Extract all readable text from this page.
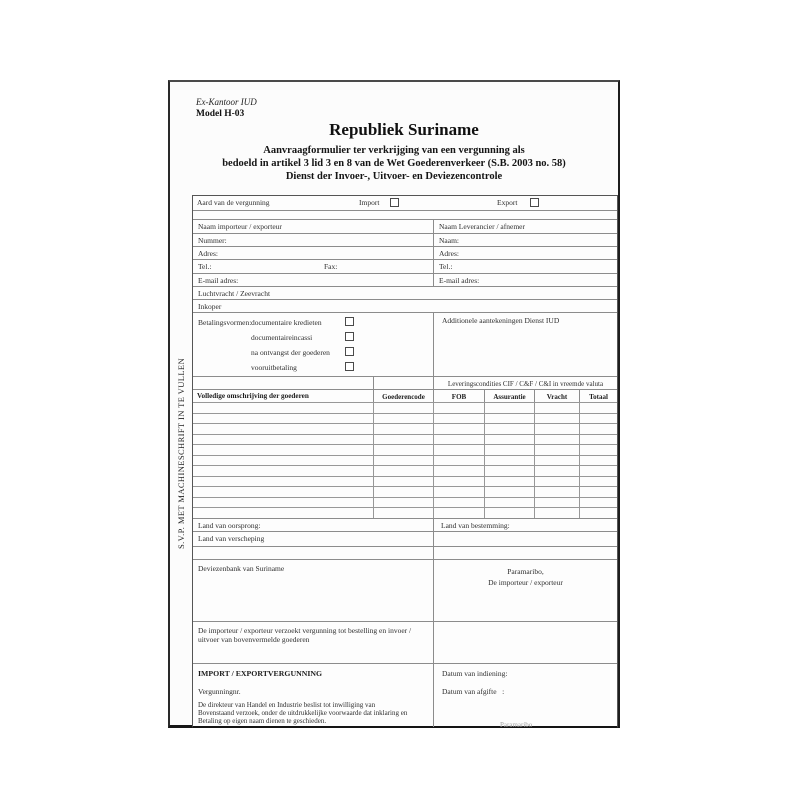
Ex-Kantoor IUD
Model H-03
Republiek Suriname
Aanvraagformulier ter verkrijging van een vergunning als
bedoeld in artikel 3 lid 3 en 8 van de Wet Goederenverkeer (S.B. 2003 no. 58)
Dienst der Invoer-, Uitvoer- en Deviezencontrole
S.V.P. MET MACHINESCHRIFT IN TE VULLEN
Aard van de vergunning	Import	Export
Naam importeur / exporteur	Naam Leverancier / afnemer
Nummer:	Naam:
Adres:	Adres:
Tel.:	Fax:	Tel.:
E-mail adres:	E-mail adres:
Luchtvracht / Zeevracht
Inkoper
Betalingsvormen: documentaire kredieten
documentaireincassi
na ontvangst der goederen
vooruitbetaling
Additionele aantekeningen Dienst IUD
Leveringscondities CIF / C&F / C&I in vreemde valuta
Volledige omschrijving der goederen	Goederencode	FOB	Assurantie	Vracht	Totaal
Land van oorsprong:	Land van bestemming:
Land van verscheping
Deviezenbank van Suriname	Paramaribo,
De importeur / exporteur
De importeur / exporteur verzoekt vergunning tot bestelling en invoer /
uitvoer van bovenvermelde goederen
IMPORT / EXPORTVERGUNNING
Vergunningnr.
De direkteur van Handel en Industrie beslist tot inwilliging van
Bovenstaand verzoek, onder de uitdrukkelijke voorwaarde dat inklaring en
Betaling op eigen naam dienen te geschieden.
Datum van indiening:
Datum van afgifte   :
Paramaribo
